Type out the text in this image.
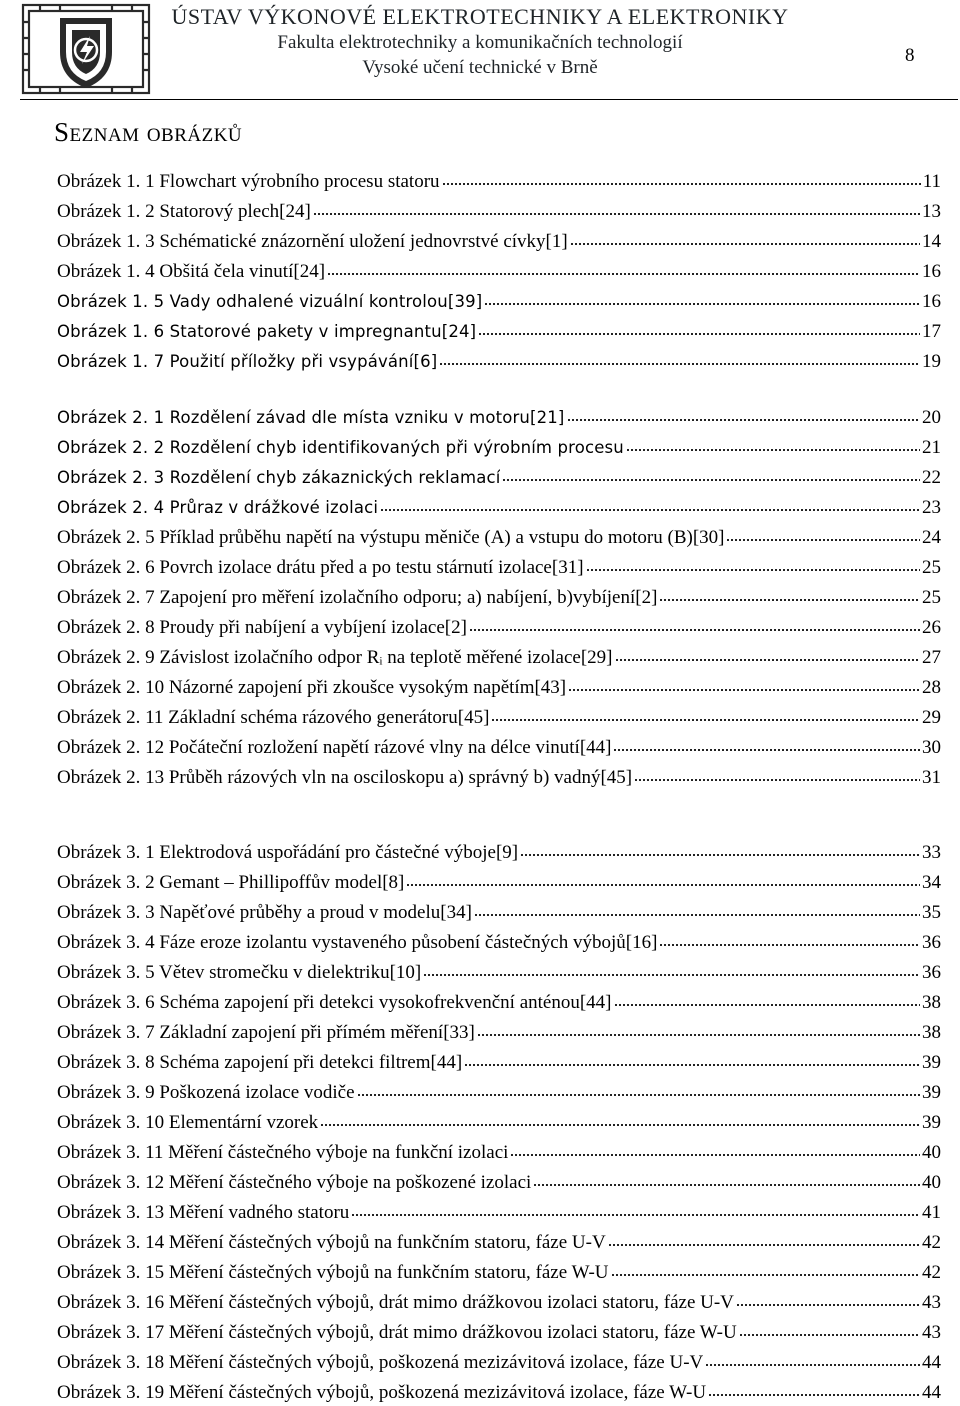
ÚSTAV VÝKONOVÉ ELEKTROTECHNIKY A ELEKTRONIKY
Fakulta elektrotechniky a komunikačních technologií
Vysoké učení technické v Brně
8
Seznam obrázků
Obrázek 1. 1 Flowchart výrobního procesu statoru	11
Obrázek 1. 2 Statorový plech[24]	13
Obrázek 1. 3 Schématické znázornění uložení jednovrstvé cívky[1]	14
Obrázek 1. 4 Obšitá čela vinutí[24]	16
Obrázek 1. 5 Vady odhalené vizuální kontrolou[39]	16
Obrázek 1. 6 Statorové pakety v impregnantu[24]	17
Obrázek 1. 7 Použití příložky při vsypávání[6]	19
Obrázek 2. 1 Rozdělení závad dle místa vzniku v motoru[21]	20
Obrázek 2. 2 Rozdělení chyb identifikovaných při výrobním procesu	21
Obrázek 2. 3 Rozdělení chyb zákaznických reklamací	22
Obrázek 2. 4 Průraz v drážkové izolaci	23
Obrázek 2. 5 Příklad průběhu napětí na výstupu měniče (A) a vstupu do motoru (B)[30]	24
Obrázek 2. 6 Povrch izolace drátu před a po testu stárnutí izolace[31]	25
Obrázek 2. 7 Zapojení pro měření izolačního odporu; a) nabíjení, b)vybíjení[2]	25
Obrázek 2. 8 Proudy při nabíjení a vybíjení izolace[2]	26
Obrázek 2. 9 Závislost izolačního odpor Rᵢ na teplotě měřené izolace[29]	27
Obrázek 2. 10 Názorné zapojení při zkoušce vysokým napětím[43]	28
Obrázek 2. 11 Základní schéma rázového generátoru[45]	29
Obrázek 2. 12 Počáteční rozložení napětí rázové vlny na délce vinutí[44]	30
Obrázek 2. 13 Průběh rázových vln na osciloskopu a) správný b) vadný[45]	31
Obrázek 3. 1 Elektrodová uspořádání pro částečné výboje[9]	33
Obrázek 3. 2 Gemant – Phillipoffův model[8]	34
Obrázek 3. 3 Napěťové průběhy a proud v modelu[34]	35
Obrázek 3. 4 Fáze eroze izolantu vystaveného působení částečných výbojů[16]	36
Obrázek 3. 5 Větev stromečku v dielektriku[10]	36
Obrázek 3. 6 Schéma zapojení při detekci vysokofrekvenční anténou[44]	38
Obrázek 3. 7 Základní zapojení při přímém měření[33]	38
Obrázek 3. 8 Schéma zapojení při detekci filtrem[44]	39
Obrázek 3. 9 Poškozená izolace vodiče	39
Obrázek 3. 10 Elementární vzorek	39
Obrázek 3. 11 Měření částečného výboje na funkční izolaci	40
Obrázek 3. 12 Měření částečného výboje na poškozené izolaci	40
Obrázek 3. 13 Měření vadného statoru	41
Obrázek 3. 14 Měření částečných výbojů na funkčním statoru, fáze U-V	42
Obrázek 3. 15 Měření částečných výbojů na funkčním statoru, fáze W-U	42
Obrázek 3. 16 Měření částečných výbojů, drát mimo drážkovou izolaci statoru, fáze U-V	43
Obrázek 3. 17 Měření částečných výbojů, drát mimo drážkovou izolaci statoru, fáze W-U	43
Obrázek 3. 18 Měření částečných výbojů, poškozená mezizávitová izolace, fáze U-V	44
Obrázek 3. 19 Měření částečných výbojů, poškozená mezizávitová izolace, fáze W-U	44
